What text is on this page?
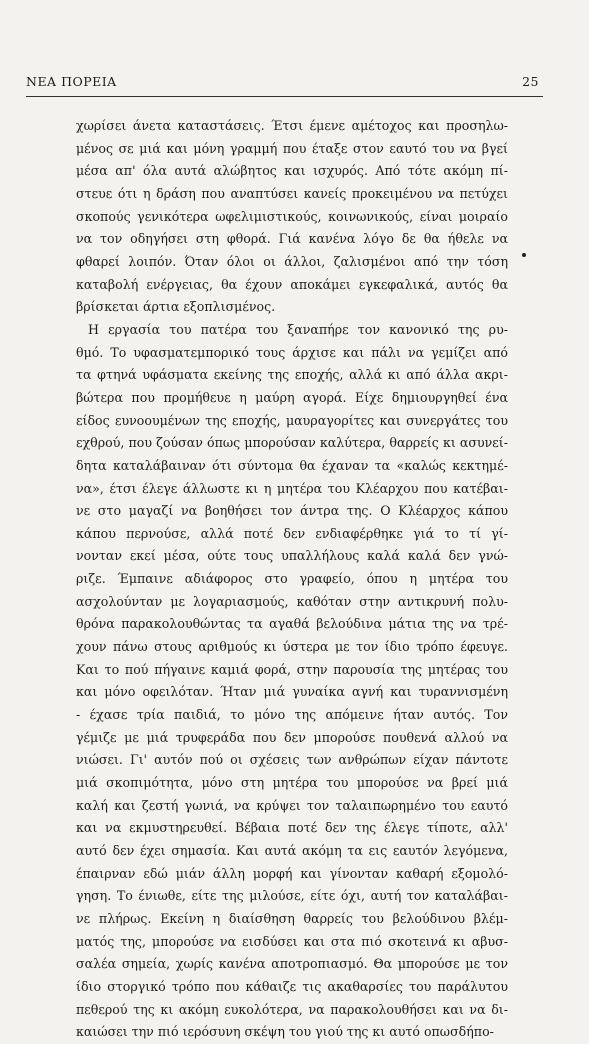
ΝΕΑ ΠΟΡΕΙΑ	25

χωρίσει άνετα καταστάσεις. Έτσι έμενε αμέτοχος και προσηλω-
μένος σε μιά και μόνη γραμμή που έταξε στον εαυτό του να βγεί
μέσα απ' όλα αυτά αλώβητος και ισχυρός. Από τότε ακόμη πί-
στευε ότι η δράση που αναπτύσει κανείς προκειμένου να πετύχει
σκοπούς γενικότερα ωφελιμιστικούς, κοινωνικούς, είναι μοιραίο
να τον οδηγήσει στη φθορά. Γιά κανένα λόγο δε θα ήθελε να
φθαρεί λοιπόν. Όταν όλοι οι άλλοι, ζαλισμένοι από την τόση
καταβολή ενέργειας, θα έχουν αποκάμει εγκεφαλικά, αυτός θα
βρίσκεται άρτια εξοπλισμένος.

Η εργασία του πατέρα του ξαναπήρε τον κανονικό της ρυ-
θμό. Το υφασματεμπορικό τους άρχισε και πάλι να γεμίζει από
τα φτηνά υφάσματα εκείνης της εποχής, αλλά κι από άλλα ακρι-
βώτερα που προμήθευε η μαύρη αγορά. Είχε δημιουργηθεί ένα
είδος ευνοουμένων της εποχής, μαυραγορίτες και συνεργάτες του
εχθρού, που ζούσαν όπως μπορούσαν καλύτερα, θαρρείς κι ασυνεί-
δητα καταλάβαιναν ότι σύντομα θα έχαναν τα «καλώς κεκτημέ-
να», έτσι έλεγε άλλωστε κι η μητέρα του Κλέαρχου που κατέβαι-
νε στο μαγαζί να βοηθήσει τον άντρα της. Ο Κλέαρχος κάπου
κάπου περνούσε, αλλά ποτέ δεν ενδιαφέρθηκε γιά το τί γί-
νονταν εκεί μέσα, ούτε τους υπαλλήλους καλά καλά δεν γνώ-
ριζε. Έμπαινε αδιάφορος στο γραφείο, όπου η μητέρα του
ασχολούνταν με λογαριασμούς, καθόταν στην αντικρυνή πολυ-
θρόνα παρακολουθώντας τα αγαθά βελούδινα μάτια της να τρέ-
χουν πάνω στους αριθμούς κι ύστερα με τον ίδιο τρόπο έφευγε.
Και το πού πήγαινε καμιά φορά, στην παρουσία της μητέρας του
και μόνο οφειλόταν. Ήταν μιά γυναίκα αγνή και τυραννισμένη
- έχασε τρία παιδιά, το μόνο της απόμεινε ήταν αυτός. Τον
γέμιζε με μιά τρυφεράδα που δεν μπορούσε πουθενά αλλού να
νιώσει. Γι' αυτόν πού οι σχέσεις των ανθρώπων είχαν πάντοτε
μιά σκοπιμότητα, μόνο στη μητέρα του μπορούσε να βρεί μιά
καλή και ζεστή γωνιά, να κρύψει τον ταλαιπωρημένο του εαυτό
και να εκμυστηρευθεί. Βέβαια ποτέ δεν της έλεγε τίποτε, αλλ'
αυτό δεν έχει σημασία. Και αυτά ακόμη τα εις εαυτόν λεγόμενα,
έπαιρναν εδώ μιάν άλλη μορφή και γίνονταν καθαρή εξομολό-
γηση. Το ένιωθε, είτε της μιλούσε, είτε όχι, αυτή τον καταλάβαι-
νε πλήρως. Εκείνη η διαίσθηση θαρρείς του βελούδινου βλέμ-
ματός της, μπορούσε να εισδύσει και στα πιό σκοτεινά κι αβυσ-
σαλέα σημεία, χωρίς κανένα αποτροπιασμό. Θα μπορούσε με τον
ίδιο στοργικό τρόπο που κάθαιζε τις ακαθαρσίες του παράλυτου
πεθερού της κι ακόμη ευκολότερα, να παρακολουθήσει και να δι-
καιώσει την πιό ιερόσυνη σκέψη του γιού της κι αυτό οπωσδήπο-
